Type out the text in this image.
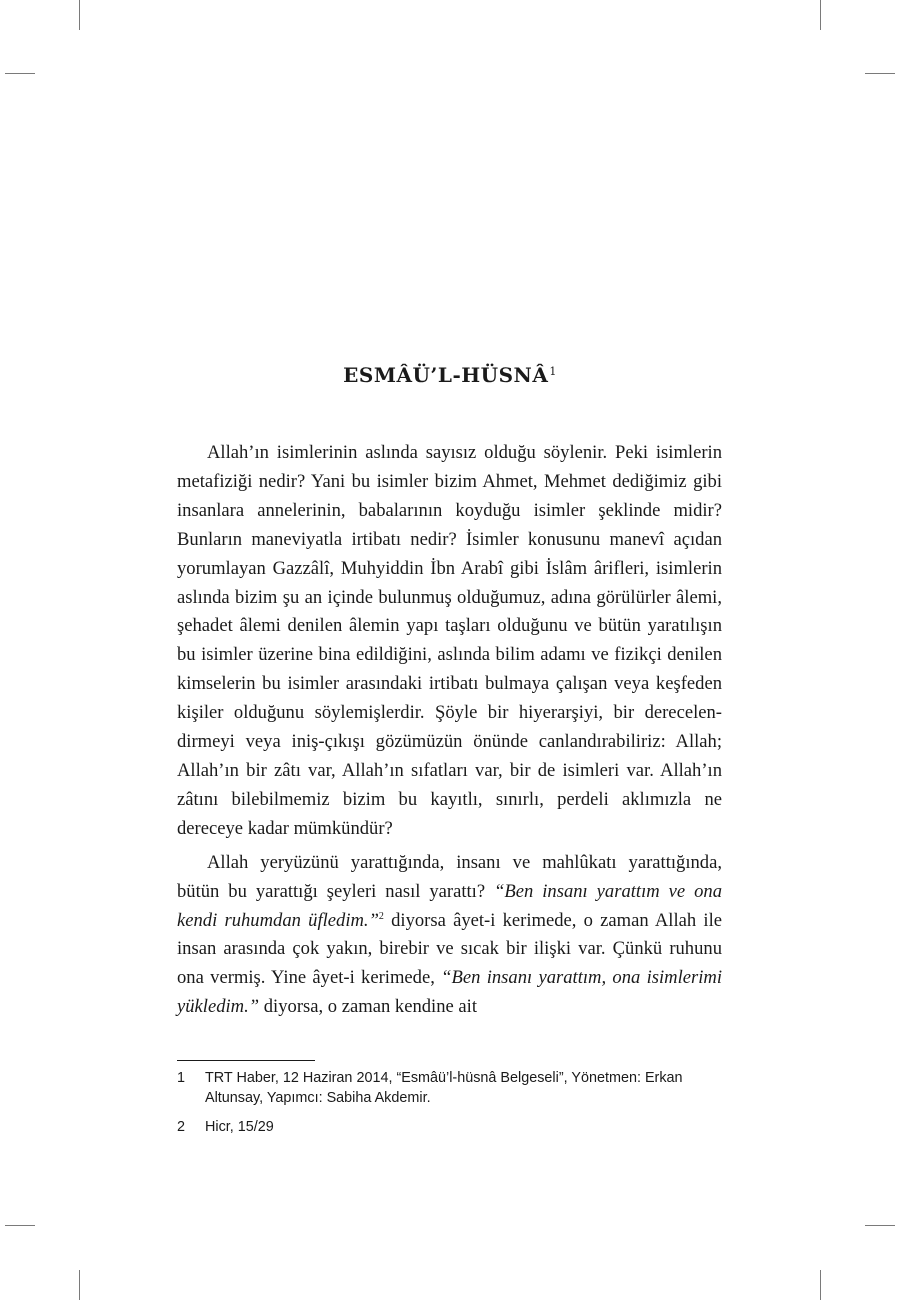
ESMÂÜ’L-HÜSNÂ$^1$

Allah’ın isimlerinin aslında sayısız olduğu söylenir. Peki isimlerin metafiziği nedir? Yani bu isimler bizim Ahmet, Mehmet dediğimiz gibi insanlara annelerinin, babalarının koyduğu isimler şeklinde midir? Bunların maneviyatla irtibatı nedir? İsimler konusunu manevî açıdan yorumlayan Gazzâlî, Muhyiddin İbn Arabî gibi İslâm ârifleri, isimlerin aslında bizim şu an içinde bulunmuş olduğumuz, adına görülürler âlemi, şehadet âlemi denilen âlemin yapı taşları olduğunu ve bütün yaratılışın bu isimler üzerine bina edildiğini, aslında bilim adamı ve fizikçi denilen kimselerin bu isimler arasındaki irtibatı bulmaya çalışan veya keşfeden kişiler olduğunu söylemişlerdir. Şöyle bir hiyerarşiyi, bir derecelendirmeyi veya iniş-çıkışı gözümüzün önünde canlandırabiliriz: Allah; Allah’ın bir zâtı var, Allah’ın sıfatları var, bir de isimleri var. Allah’ın zâtını bilebilmemiz bizim bu kayıtlı, sınırlı, perdeli aklımızla ne dereceye kadar mümkündür?

Allah yeryüzünü yarattığında, insanı ve mahlûkatı yarattığında, bütün bu yarattığı şeyleri nasıl yarattı? “Ben insanı yarattım ve ona kendi ruhumdan üfledim.”$^2$ diyorsa âyet-i kerimede, o zaman Allah ile insan arasında çok yakın, birebir ve sıcak bir ilişki var. Çünkü ruhunu ona vermiş. Yine âyet-i kerimede, “Ben insanı yarattım, ona isimlerimi yükledim.” diyorsa, o zaman kendine ait

1	TRT Haber, 12 Haziran 2014, “Esmâü’l-hüsnâ Belgeseli”, Yönetmen: Erkan Altunsay, Yapımcı: Sabiha Akdemir.
2	Hicr, 15/29
